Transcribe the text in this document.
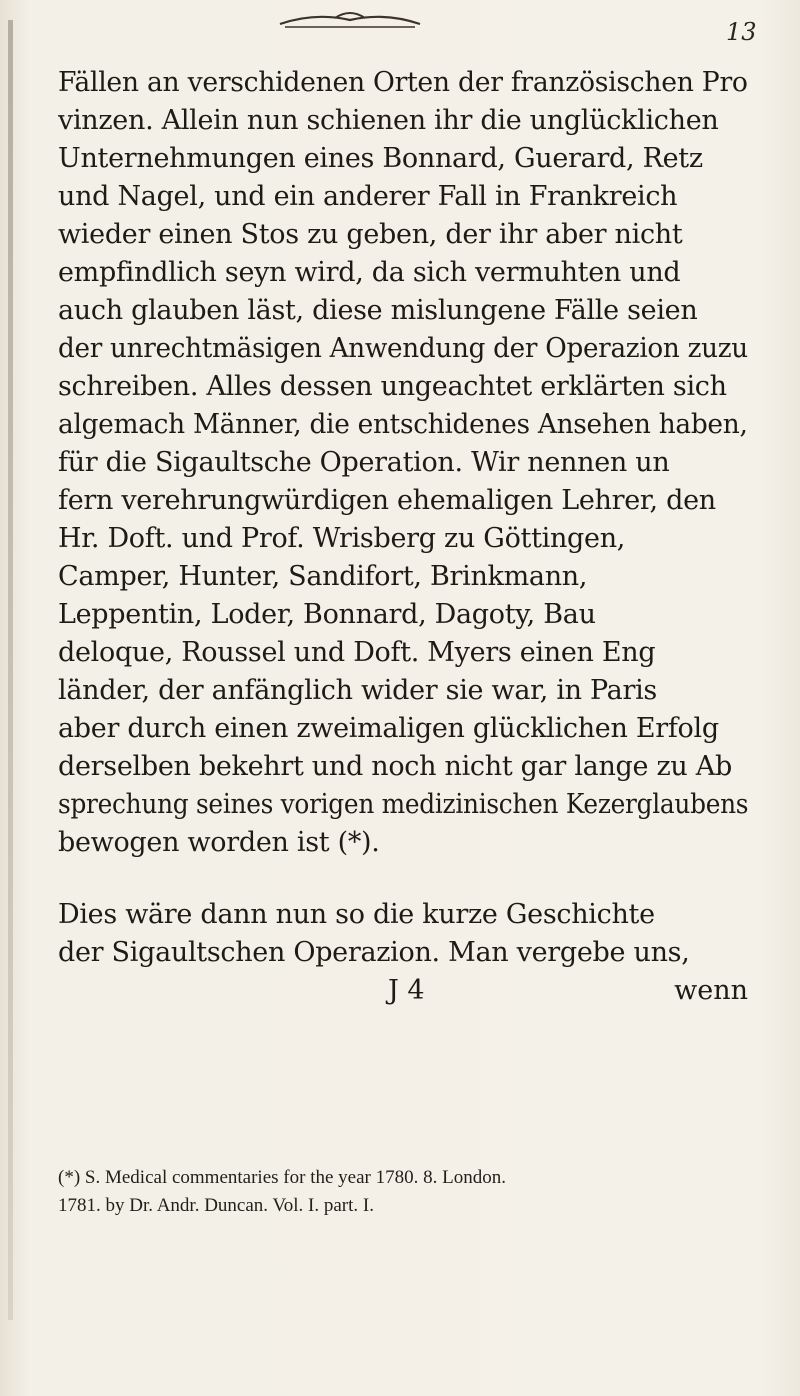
13
Fällen an verschidenen Orten der französischen Pro
vinzen. Allein nun schienen ihr die unglücklichen
Unternehmungen eines Bonnard, Guerard, Retz
und Nagel, und ein anderer Fall in Frankreich
wieder einen Stos zu geben, der ihr aber nicht
empfindlich seyn wird, da sich vermuhten und
auch glauben läst, diese mislungene Fälle seien
der unrechtmäsigen Anwendung der Operazion zuzu
schreiben. Alles dessen ungeachtet erklärten sich
algemach Männer, die entschidenes Ansehen haben,
für die Sigaultsche Operation. Wir nennen un
fern verehrungwürdigen ehemaligen Lehrer, den
Hr. Doft. und Prof. Wrisberg zu Göttingen,
Camper, Hunter, Sandifort, Brinkmann,
Leppentin, Loder, Bonnard, Dagoty, Bau
deloque, Roussel und Doft. Myers einen Eng
länder, der anfänglich wider sie war, in Paris
aber durch einen zweimaligen glücklichen Erfolg
derselben bekehrt und noch nicht gar lange zu Ab
sprechung seines vorigen medizinischen Kezerglaubens
bewogen worden ist (*).
Dies wäre dann nun so die kurze Geschichte
der Sigaultschen Operazion. Man vergebe uns,
J 4	wenn
(*) S. Medical commentaries for the year 1780. 8. London.
1781. by Dr. Andr. Duncan. Vol. I. part. I.
